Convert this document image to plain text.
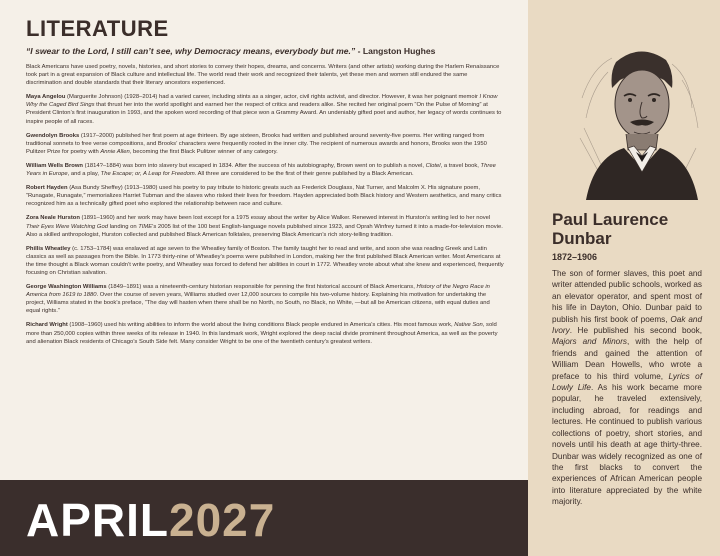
LITERATURE

“I swear to the Lord, I still can’t see, why Democracy means, everybody but me.” - Langston Hughes

Black Americans have used poetry, novels, histories, and short stories to convey their hopes, dreams, and concerns. Writers (and other artists) working during the Harlem Renaissance took part in a great expansion of Black culture and intellectual life. The world read their work and recognized their talents, yet these men and women still endured the same discrimination and double standards that their literary ancestors experienced.

Maya Angelou (Marguerite Johnson) (1928–2014) had a varied career, including stints as a singer, actor, civil rights activist, and director. However, it was her poignant memoir I Know Why the Caged Bird Sings that thrust her into the world spotlight and earned her the respect of critics and readers alike. She recited her original poem “On the Pulse of Morning” at President Clinton’s first inauguration in 1993, and the spoken word recording of that piece won a Grammy Award. An undeniably gifted poet and author, her legacy of words continues to inspire people of all races.

Gwendolyn Brooks (1917–2000) published her first poem at age thirteen. By age sixteen, Brooks had written and published around seventy-five poems. Her writing ranged from traditional sonnets to free verse compositions, and Brooks’ characters were frequently rooted in the inner city. The recipient of numerous awards and honors, Brooks won the 1950 Pulitzer Prize for poetry with Annie Allen, becoming the first Black Pulitzer winner of any category.

William Wells Brown (1814?–1884) was born into slavery but escaped in 1834. After the success of his autobiography, Brown went on to publish a novel, Clotel, a travel book, Three Years in Europe, and a play, The Escape; or, A Leap for Freedom. All three are considered to be the first of their genre published by a Black American.

Robert Hayden (Asa Bundy Sheffey) (1913–1980) used his poetry to pay tribute to historic greats such as Frederick Douglass, Nat Turner, and Malcolm X. His signature poem, “Runagate, Runagate,” memorializes Harriet Tubman and the slaves who risked their lives for freedom. Hayden appreciated both Black history and Western aesthetics, and many critics recognized him as a technically gifted poet who explored the relationship between race and culture.

Zora Neale Hurston (1891–1960) and her work may have been lost except for a 1975 essay about the writer by Alice Walker. Renewed interest in Hurston’s writing led to her novel Their Eyes Were Watching God landing on TIME’s 2005 list of the 100 best English-language novels published since 1923, and Oprah Winfrey turned it into a made-for-television movie. Also a skilled anthropologist, Hurston collected and published Black American folktales, preserving Black American’s rich story-telling tradition.

Phillis Wheatley (c. 1753–1784) was enslaved at age seven to the Wheatley family of Boston. The family taught her to read and write, and soon she was reading Greek and Latin classics as well as passages from the Bible. In 1773 thirty-nine of Wheatley’s poems were published in London, making her the first published Black American writer. Most Americans at the time thought a Black woman couldn’t write poetry, and Wheatley was forced to defend her abilities in court in 1772. Wheatley wrote about what she knew and experienced, frequently focusing on Christian salvation.

George Washington Williams (1849–1891) was a nineteenth-century historian responsible for penning the first historical account of Black Americans, History of the Negro Race in America from 1619 to 1880. Over the course of seven years, Williams studied over 12,000 sources to compile his two-volume history. Explaining his motivation for undertaking the project, Williams stated in the book’s preface, “The day will hasten when there shall be no North, no South, no Black, no White, —but all be American citizens, with equal duties and equal rights.”

Richard Wright (1908–1960) used his writing abilities to inform the world about the living conditions Black people endured in America’s cities. His most famous work, Native Son, sold more than 250,000 copies within three weeks of its release in 1940. In this landmark work, Wright explored the deep racial divide prominent throughout America, as well as the poverty and alienation Black residents of Chicago’s South Side felt. Many consider Wright to be one of the twentieth century’s greatest writers.

APRIL2027
Paul Laurence Dunbar
1872–1906

The son of former slaves, this poet and writer attended public schools, worked as an elevator operator, and spent most of his life in Dayton, Ohio. Dunbar paid to publish his first book of poems, Oak and Ivory. He published his second book, Majors and Minors, with the help of friends and gained the attention of William Dean Howells, who wrote a preface to his third volume, Lyrics of Lowly Life. As his work became more popular, he traveled extensively, including abroad, for readings and lectures. He continued to publish various collections of poetry, short stories, and novels until his death at age thirty-three. Dunbar was widely recognized as one of the first blacks to convert the experiences of African American people into literature appreciated by the white majority.
